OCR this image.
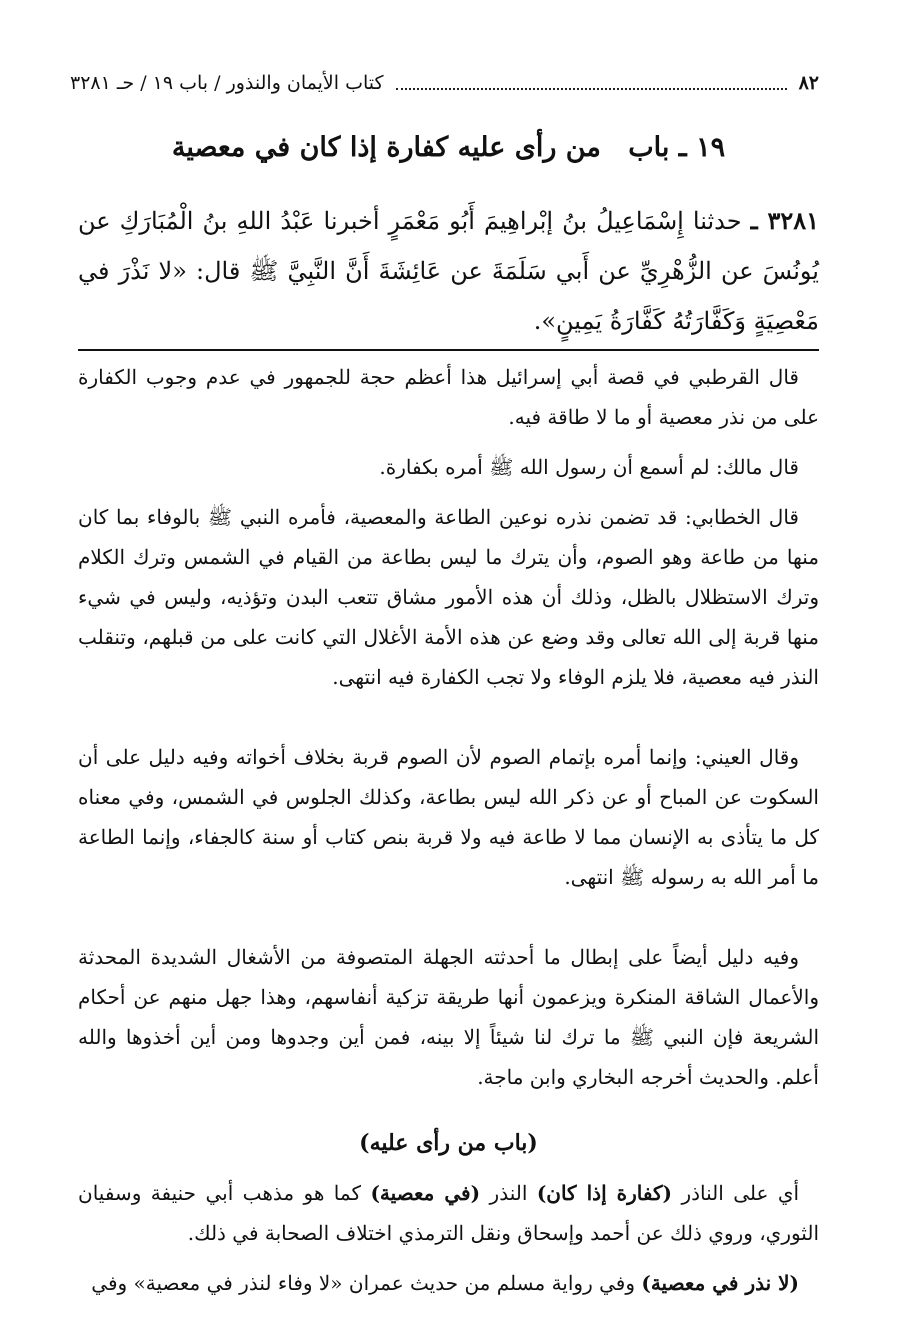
٨٢
كتاب الأيمان والنذور / باب ١٩ / حـ ٣٢٨١
١٩ ـ باب من رأى عليه كفارة إذا كان في معصية
٣٢٨١ ـ حدثنا إِسْمَاعِيلُ بنُ إبْراهِيمَ أَبُو مَعْمَرٍ أخبرنا عَبْدُ اللهِ بنُ الْمُبَارَكِ عن يُونُسَ عن الزُّهْرِيِّ عن أَبي سَلَمَةَ عن عَائِشَةَ أَنَّ النَّبِيَّ ﷺ قال: «لا نَذْرَ في مَعْصِيَةٍ وَكَفَّارَتُهُ كَفَّارَةُ يَمِينٍ».

قال القرطبي في قصة أبي إسرائيل هذا أعظم حجة للجمهور في عدم وجوب الكفارة على من نذر معصية أو ما لا طاقة فيه.

قال مالك: لم أسمع أن رسول الله ﷺ أمره بكفارة.

قال الخطابي: قد تضمن نذره نوعين الطاعة والمعصية، فأمره النبي ﷺ بالوفاء بما كان منها من طاعة وهو الصوم، وأن يترك ما ليس بطاعة من القيام في الشمس وترك الكلام وترك الاستظلال بالظل، وذلك أن هذه الأمور مشاق تتعب البدن وتؤذيه، وليس في شيء منها قربة إلى الله تعالى وقد وضع عن هذه الأمة الأغلال التي كانت على من قبلهم، وتنقلب النذر فيه معصية، فلا يلزم الوفاء ولا تجب الكفارة فيه انتهى.

وقال العيني: وإنما أمره بإتمام الصوم لأن الصوم قربة بخلاف أخواته وفيه دليل على أن السكوت عن المباح أو عن ذكر الله ليس بطاعة، وكذلك الجلوس في الشمس، وفي معناه كل ما يتأذى به الإنسان مما لا طاعة فيه ولا قربة بنص كتاب أو سنة كالجفاء، وإنما الطاعة ما أمر الله به رسوله ﷺ انتهى.

وفيه دليل أيضاً على إبطال ما أحدثته الجهلة المتصوفة من الأشغال الشديدة المحدثة والأعمال الشاقة المنكرة ويزعمون أنها طريقة تزكية أنفاسهم، وهذا جهل منهم عن أحكام الشريعة فإن النبي ﷺ ما ترك لنا شيئاً إلا بينه، فمن أين وجدوها ومن أين أخذوها والله أعلم. والحديث أخرجه البخاري وابن ماجة.

(باب من رأى عليه)

أي على الناذر (كفارة إذا كان) النذر (في معصية) كما هو مذهب أبي حنيفة وسفيان الثوري، وروي ذلك عن أحمد وإسحاق ونقل الترمذي اختلاف الصحابة في ذلك.

(لا نذر في معصية) وفي رواية مسلم من حديث عمران «لا وفاء لنذر في معصية» وفي
